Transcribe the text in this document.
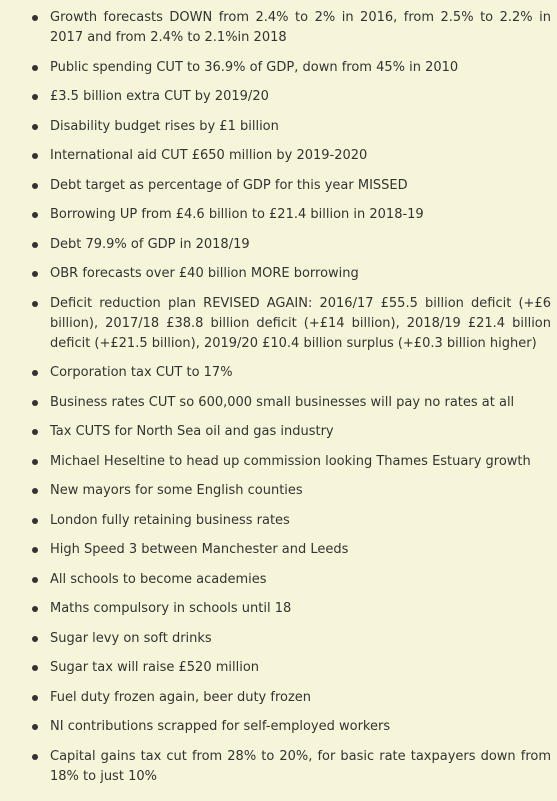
Growth forecasts DOWN from 2.4% to 2% in 2016, from 2.5% to 2.2% in 2017 and from 2.4% to 2.1%in 2018
Public spending CUT to 36.9% of GDP, down from 45% in 2010
£3.5 billion extra CUT by 2019/20
Disability budget rises by £1 billion
International aid CUT £650 million by 2019-2020
Debt target as percentage of GDP for this year MISSED
Borrowing UP from £4.6 billion to £21.4 billion in 2018-19
Debt 79.9% of GDP in 2018/19
OBR forecasts over £40 billion MORE borrowing
Deficit reduction plan REVISED AGAIN: 2016/17 £55.5 billion deficit (+£6 billion), 2017/18 £38.8 billion deficit (+£14 billion), 2018/19 £21.4 billion deficit (+£21.5 billion), 2019/20 £10.4 billion surplus (+£0.3 billion higher)
Corporation tax CUT to 17%
Business rates CUT so 600,000 small businesses will pay no rates at all
Tax CUTS for North Sea oil and gas industry
Michael Heseltine to head up commission looking Thames Estuary growth
New mayors for some English counties
London fully retaining business rates
High Speed 3 between Manchester and Leeds
All schools to become academies
Maths compulsory in schools until 18
Sugar levy on soft drinks
Sugar tax will raise £520 million
Fuel duty frozen again, beer duty frozen
NI contributions scrapped for self-employed workers
Capital gains tax cut from 28% to 20%, for basic rate taxpayers down from 18% to just 10%
